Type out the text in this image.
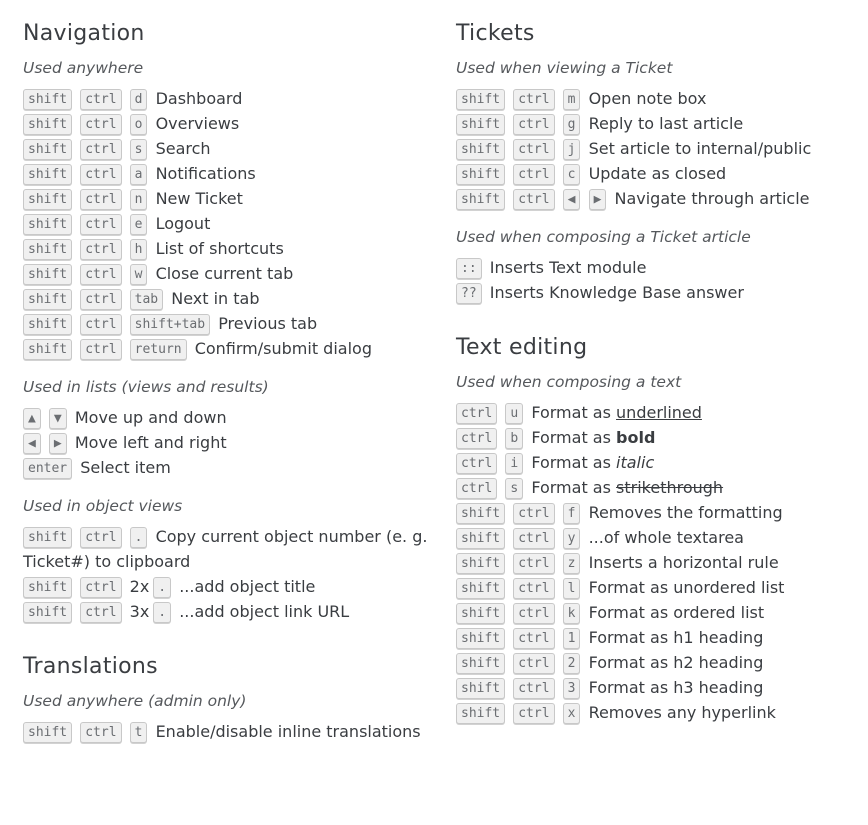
Navigation
Used anywhere
shift ctrl d Dashboard
shift ctrl o Overviews
shift ctrl s Search
shift ctrl a Notifications
shift ctrl n New Ticket
shift ctrl e Logout
shift ctrl h List of shortcuts
shift ctrl w Close current tab
shift ctrl tab Next in tab
shift ctrl shift+tab Previous tab
shift ctrl return Confirm/submit dialog
Used in lists (views and results)
▲ ▼ Move up and down
◀ ▶ Move left and right
enter Select item
Used in object views
shift ctrl . Copy current object number (e. g. Ticket#) to clipboard
shift ctrl 2x . ...add object title
shift ctrl 3x . ...add object link URL
Translations
Used anywhere (admin only)
shift ctrl t Enable/disable inline translations
Tickets
Used when viewing a Ticket
shift ctrl m Open note box
shift ctrl g Reply to last article
shift ctrl j Set article to internal/public
shift ctrl c Update as closed
shift ctrl ◀ ▶ Navigate through article
Used when composing a Ticket article
:: Inserts Text module
?? Inserts Knowledge Base answer
Text editing
Used when composing a text
ctrl u Format as underlined
ctrl b Format as bold
ctrl i Format as italic
ctrl s Format as strikethrough
shift ctrl f Removes the formatting
shift ctrl y ...of whole textarea
shift ctrl z Inserts a horizontal rule
shift ctrl l Format as unordered list
shift ctrl k Format as ordered list
shift ctrl 1 Format as h1 heading
shift ctrl 2 Format as h2 heading
shift ctrl 3 Format as h3 heading
shift ctrl x Removes any hyperlink
